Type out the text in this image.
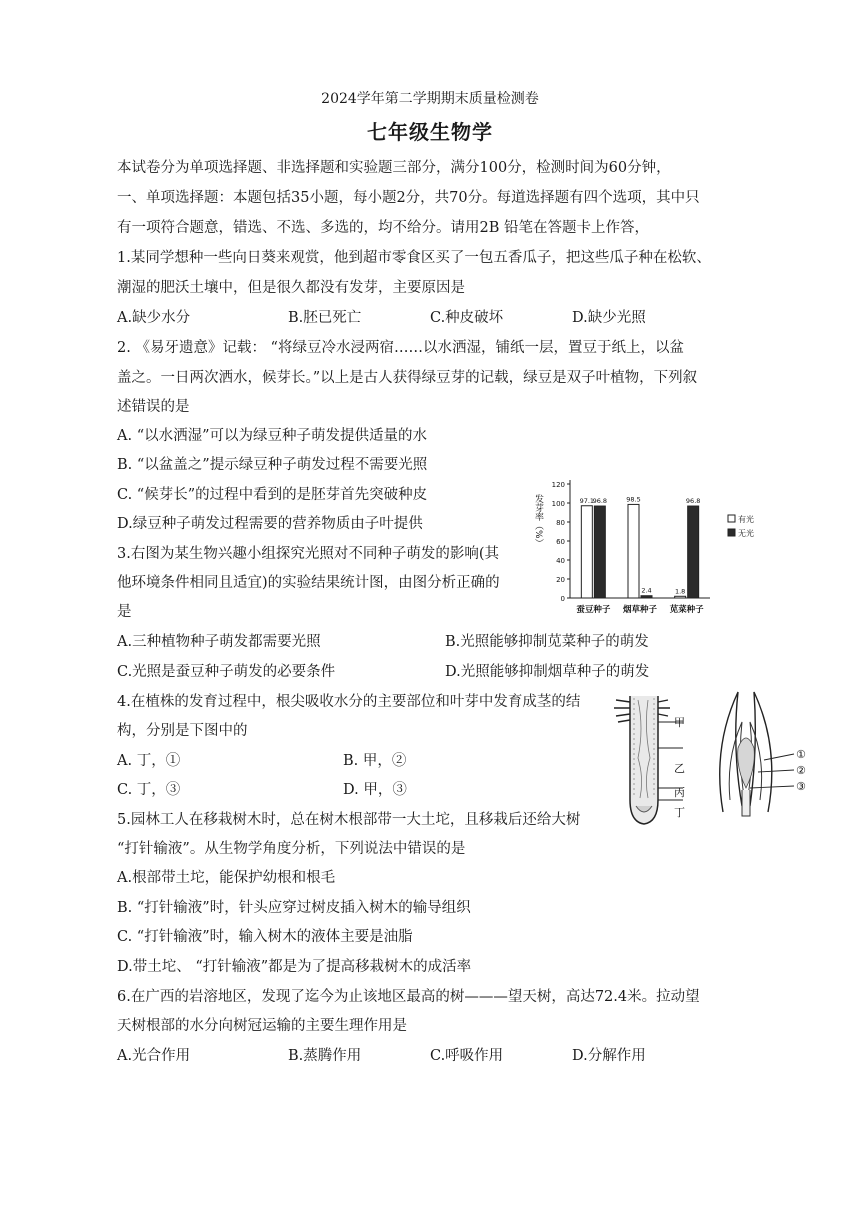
2024学年第二学期期末质量检测卷
七年级生物学
本试卷分为单项选择题、非选择题和实验题三部分，满分100分，检测时间为60分钟，
一、单项选择题：本题包括35小题，每小题2分，共70分。每道选择题有四个选项，其中只
有一项符合题意，错选、不选、多选的，均不给分。请用2B 铅笔在答题卡上作答，
1.某同学想种一些向日葵来观赏，他到超市零食区买了一包五香瓜子，把这些瓜子种在松软、
潮湿的肥沃土壤中，但是很久都没有发芽，主要原因是
A.缺少水分	B.胚已死亡	C.种皮破坏	D.缺少光照
2. 《易牙遗意》记载： “将绿豆冷水浸两宿……以水洒湿，铺纸一层，置豆于纸上，以盆
盖之。一日两次洒水，候芽长。”以上是古人获得绿豆芽的记载，绿豆是双子叶植物，下列叙
述错误的是
A. “以水洒湿”可以为绿豆种子萌发提供适量的水
B. “以盆盖之”提示绿豆种子萌发过程不需要光照
C. “候芽长”的过程中看到的是胚芽首先突破种皮
D.绿豆种子萌发过程需要的营养物质由子叶提供
3.右图为某生物兴趣小组探究光照对不同种子萌发的影响(其
他环境条件相同且适宜)的实验结果统计图，由图分析正确的
是
A.三种植物种子萌发都需要光照	B.光照能够抑制苋菜种子的萌发
C.光照是蚕豆种子萌发的必要条件	D.光照能够抑制烟草种子的萌发
发芽率（%）
0
20
40
60
80
100
120
97.1
96.8
蚕豆种子
98.5
2.4
烟草种子
1.8
96.8
苋菜种子
有光
无光
4.在植株的发育过程中，根尖吸收水分的主要部位和叶芽中发育成茎的结
构，分别是下图中的
A. 丁，①	B. 甲，②
C. 丁，③	D. 甲，③
甲
乙
丙
丁
①
②
③
5.园林工人在移栽树木时，总在树木根部带一大土坨，且移栽后还给大树
“打针输液”。从生物学角度分析，下列说法中错误的是
A.根部带土坨，能保护幼根和根毛
B. “打针输液”时，针头应穿过树皮插入树木的输导组织
C. “打针输液”时，输入树木的液体主要是油脂
D.带土坨、 “打针输液”都是为了提高移栽树木的成活率
6.在广西的岩溶地区，发现了迄今为止该地区最高的树———望天树，高达72.4米。拉动望
天树根部的水分向树冠运输的主要生理作用是
A.光合作用	B.蒸腾作用	C.呼吸作用	D.分解作用
